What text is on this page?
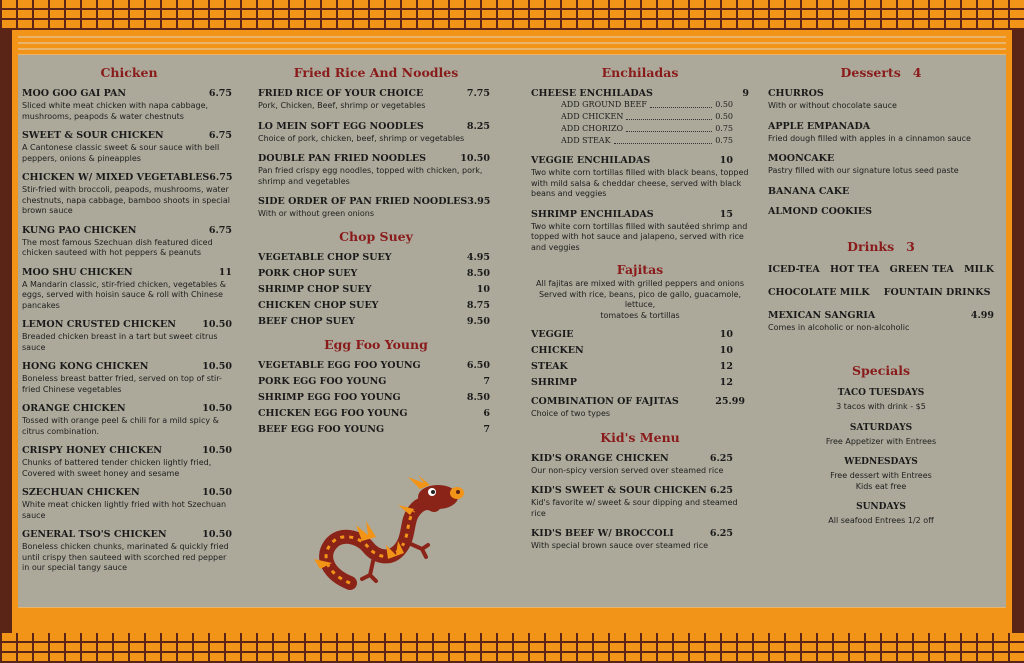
Chicken
MOO GOO GAI PAN	6.75
Sliced white meat chicken with napa cabbage, mushrooms, peapods & water chestnuts
SWEET & SOUR CHICKEN	6.75
A Cantonese classic sweet & sour sauce with bell peppers, onions & pineapples
CHICKEN W/ MIXED VEGETABLES 6.75
Stir-fried with broccoli, peapods, mushrooms, water chestnuts, napa cabbage, bamboo shoots in special brown sauce
KUNG PAO CHICKEN	6.75
The most famous Szechuan dish featured diced chicken sauteed with hot peppers & peanuts
MOO SHU CHICKEN	11
A Mandarin classic, stir-fried chicken, vegetables & eggs, served with hoisin sauce & roll with Chinese pancakes
LEMON CRUSTED CHICKEN	10.50
Breaded chicken breast in a tart but sweet citrus sauce
HONG KONG CHICKEN	10.50
Boneless breast batter fried, served on top of stir-fried Chinese vegetables
ORANGE CHICKEN	10.50
Tossed with orange peel & chili for a mild spicy & citrus combination.
CRISPY HONEY CHICKEN	10.50
Chunks of battered tender chicken lightly fried, Covered with sweet honey and sesame
SZECHUAN CHICKEN	10.50
White meat chicken lightly fried with hot Szechuan sauce
GENERAL TSO'S CHICKEN	10.50
Boneless chicken chunks, marinated & quickly fried until crispy then sauteed with scorched red pepper in our special tangy sauce
Fried Rice And Noodles
FRIED RICE OF YOUR CHOICE	7.75
Pork, Chicken, Beef, shrimp or vegetables
LO MEIN SOFT EGG NOODLES	8.25
Choice of pork, chicken, beef, shrimp or vegetables
DOUBLE PAN FRIED NOODLES	10.50
Pan fried crispy egg noodles, topped with chicken, pork, shrimp and vegetables
SIDE ORDER OF PAN FRIED NOODLES 3.95
With or without green onions
Chop Suey
VEGETABLE CHOP SUEY	4.95
PORK CHOP SUEY	8.50
SHRIMP CHOP SUEY	10
CHICKEN CHOP SUEY	8.75
BEEF CHOP SUEY	9.50
Egg Foo Young
VEGETABLE EGG FOO YOUNG	6.50
PORK EGG FOO YOUNG	7
SHRIMP EGG FOO YOUNG	8.50
CHICKEN EGG FOO YOUNG	6
BEEF EGG FOO YOUNG	7
Enchiladas
CHEESE ENCHILADAS	9
ADD GROUND BEEF	0.50
ADD CHICKEN	0.50
ADD CHORIZO	0.75
ADD STEAK	0.75
VEGGIE ENCHILADAS	10
Two white corn tortillas filled with black beans, topped with mild salsa & cheddar cheese, served with black beans and veggies
SHRIMP ENCHILADAS	15
Two white corn tortillas filled with sautéed shrimp and topped with hot sauce and jalapeno, served with rice and veggies
Fajitas
All fajitas are mixed with grilled peppers and onions
Served with rice, beans, pico de gallo, guacamole, lettuce,
tomatoes & tortillas
VEGGIE	10
CHICKEN	10
STEAK	12
SHRIMP	12
COMBINATION OF FAJITAS	25.99
Choice of two types
Kid's Menu
KID'S ORANGE CHICKEN	6.25
Our non-spicy version served over steamed rice
KID'S SWEET & SOUR CHICKEN 6.25
Kid's favorite w/ sweet & sour dipping and steamed rice
KID'S BEEF W/ BROCCOLI	6.25
With special brown sauce over steamed rice
Desserts 4
CHURROS
With or without chocolate sauce
APPLE EMPANADA
Fried dough filled with apples in a cinnamon sauce
MOONCAKE
Pastry filled with our signature lotus seed paste
BANANA CAKE
ALMOND COOKIES
Drinks 3
ICED-TEA HOT TEA GREEN TEA MILK
CHOCOLATE MILK FOUNTAIN DRINKS
MEXICAN SANGRIA	4.99
Comes in alcoholic or non-alcoholic
Specials
TACO TUESDAYS
3 tacos with drink - $5
SATURDAYS
Free Appetizer with Entrees
WEDNESDAYS
Free dessert with Entrees
Kids eat free
SUNDAYS
All seafood Entrees 1/2 off
